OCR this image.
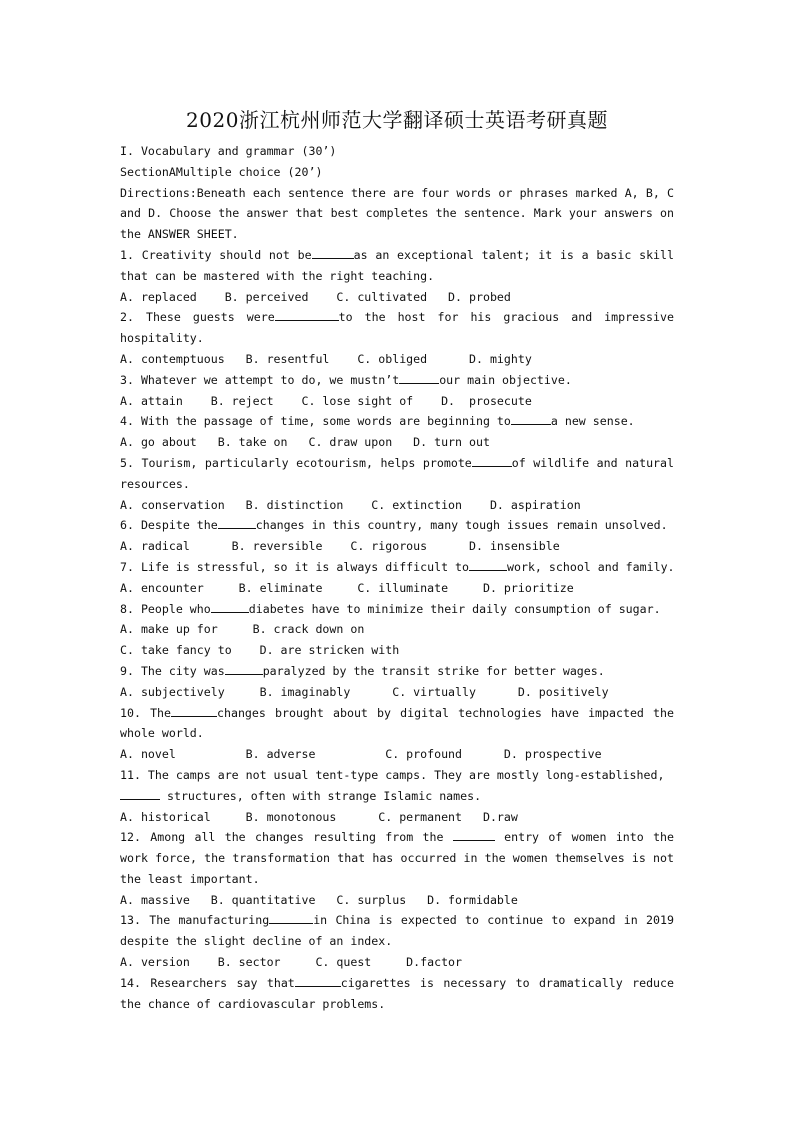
2020浙江杭州师范大学翻译硕士英语考研真题
I. Vocabulary and grammar (30’)
SectionAMultiple choice (20’)
Directions:Beneath each sentence there are four words or phrases marked A, B, C
and D. Choose the answer that best completes the sentence. Mark your answers on
the ANSWER SHEET.
1. Creativity should not be	as an exceptional talent; it is a basic skill
that can be mastered with the right teaching.
A. replaced    B. perceived    C. cultivated   D. probed
2. These guests were	to the host for his gracious and impressive
hospitality.
A. contemptuous   B. resentful    C. obliged      D. mighty
3. Whatever we attempt to do, we mustn’t	our main objective.
A. attain    B. reject    C. lose sight of    D.  prosecute
4. With the passage of time, some words are beginning to	a new sense.
A. go about   B. take on   C. draw upon   D. turn out
5. Tourism, particularly ecotourism, helps promote	of wildlife and natural
resources.
A. conservation   B. distinction    C. extinction    D. aspiration
6. Despite the	changes in this country, many tough issues remain unsolved.
A. radical      B. reversible    C. rigorous      D. insensible
7. Life is stressful, so it is always difficult to	work, school and family.
A. encounter     B. eliminate     C. illuminate     D. prioritize
8. People who	diabetes have to minimize their daily consumption of sugar.
A. make up for     B. crack down on
C. take fancy to    D. are stricken with
9. The city was	paralyzed by the transit strike for better wages.
A. subjectively     B. imaginably      C. virtually      D. positively
10. The	changes brought about by digital technologies have impacted the
whole world.
A. novel          B. adverse          C. profound      D. prospective
11. The camps are not usual tent-type camps. They are mostly long-established,
structures, often with strange Islamic names.
A. historical     B. monotonous      C. permanent   D.raw
12. Among all the changes resulting from the	entry of women into the
work force, the transformation that has occurred in the women themselves is not
the least important.
A. massive   B. quantitative   C. surplus   D. formidable
13. The manufacturing	in China is expected to continue to expand in 2019
despite the slight decline of an index.
A. version    B. sector     C. quest     D.factor
14. Researchers say that	cigarettes is necessary to dramatically reduce
the chance of cardiovascular problems.
